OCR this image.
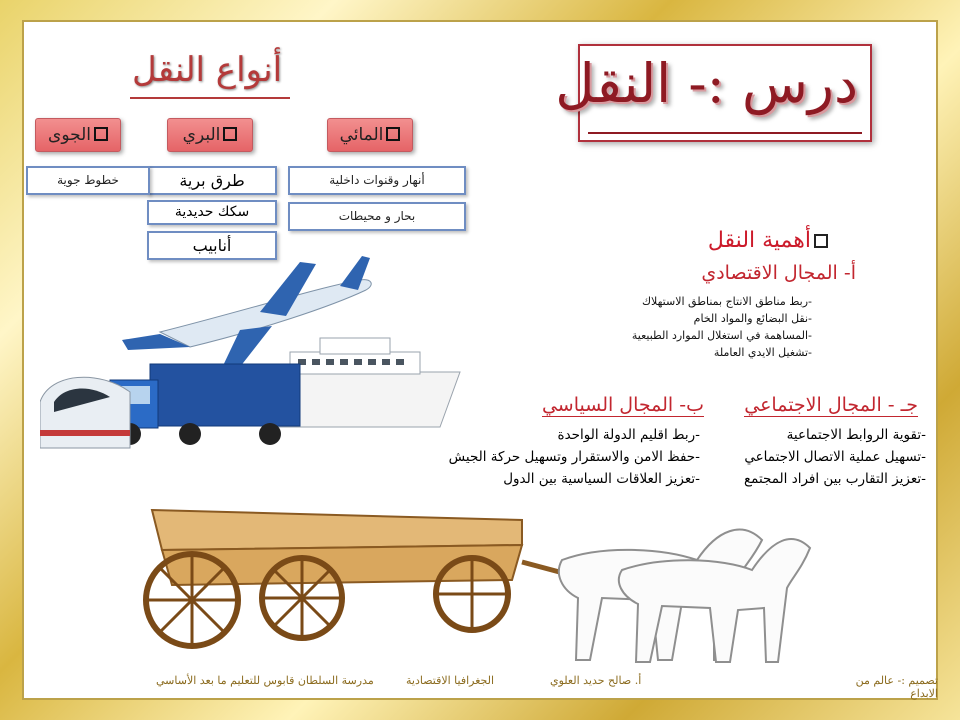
درس :- النقل
أنواع النقل
المائي
البري
الجوى
أنهار وقنوات داخلية
بحار و محيطات
طرق برية
سكك حديدية
أنابيب
خطوط جوية
أهمية النقل
أ- المجال الاقتصادي
-ربط مناطق الانتاج بمناطق الاستهلاك
-نقل البضائع والمواد الخام
-المساهمة في استغلال الموارد الطبيعية
-تشغيل الايدي العاملة
جـ - المجال الاجتماعي
-تقوية الروابط الاجتماعية
-تسهيل عملية الاتصال الاجتماعي
-تعزيز التقارب بين افراد المجتمع
ب- المجال السياسي
-ربط اقليم الدولة الواحدة
-حفظ الامن والاستقرار وتسهيل حركة الجيش
-تعزيز العلاقات السياسية بين الدول
تصميم :- عالم من الابداع
أ. صالح حديد العلوي
الجغرافيا الاقتصادية
مدرسة السلطان قابوس للتعليم ما بعد الأساسي
